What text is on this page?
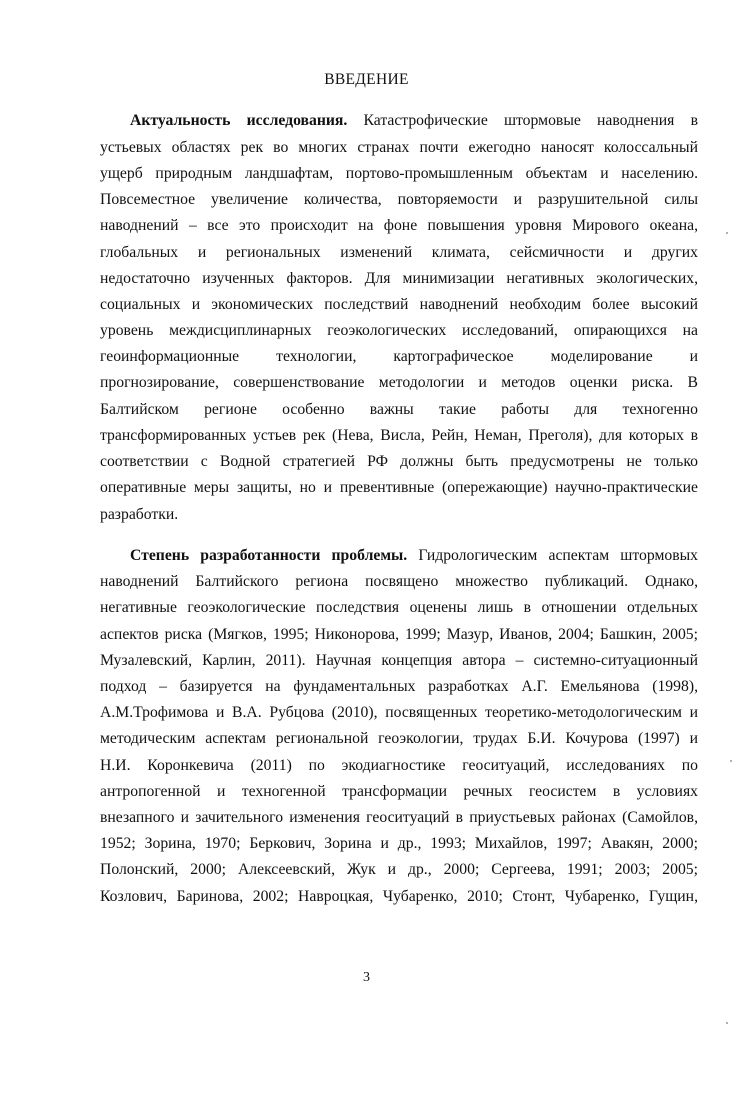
ВВЕДЕНИЕ
Актуальность исследования. Катастрофические штормовые наводнения в
устьевых областях рек во многих странах почти ежегодно наносят колоссальный
ущерб природным ландшафтам, портово-промышленным объектам и населению.
Повсеместное увеличение количества, повторяемости и разрушительной силы
наводнений – все это происходит на фоне повышения уровня Мирового океана,
глобальных и региональных изменений климата, сейсмичности и других
недостаточно изученных факторов. Для минимизации негативных экологических,
социальных и экономических последствий наводнений необходим более высокий
уровень междисциплинарных геоэкологических исследований, опирающихся на
геоинформационные технологии, картографическое моделирование и
прогнозирование, совершенствование методологии и методов оценки риска. В
Балтийском регионе особенно важны такие работы для техногенно
трансформированных устьев рек (Нева, Висла, Рейн, Неман, Преголя), для которых в
соответствии с Водной стратегией РФ должны быть предусмотрены не только
оперативные меры защиты, но и превентивные (опережающие) научно-практические
разработки.
Степень разработанности проблемы. Гидрологическим аспектам штормовых
наводнений Балтийского региона посвящено множество публикаций. Однако,
негативные геоэкологические последствия оценены лишь в отношении отдельных
аспектов риска (Мягков, 1995; Никонорова, 1999; Мазур, Иванов, 2004; Башкин, 2005;
Музалевский, Карлин, 2011). Научная концепция автора – системно-ситуационный
подход – базируется на фундаментальных разработках А.Г. Емельянова (1998),
А.М.Трофимова и В.А. Рубцова (2010), посвященных теоретико-методологическим и
методическим аспектам региональной геоэкологии, трудах Б.И. Кочурова (1997) и
Н.И. Коронкевича (2011) по экодиагностике геоситуаций, исследованиях по
антропогенной и техногенной трансформации речных геосистем в условиях
внезапного и зачительного изменения геоситуаций в приустьевых районах (Самойлов,
1952; Зорина, 1970; Беркович, Зорина и др., 1993; Михайлов, 1997; Авакян, 2000;
Полонский, 2000; Алексеевский, Жук и др., 2000; Сергеева, 1991; 2003; 2005;
Козлович, Баринова, 2002; Навроцкая, Чубаренко, 2010; Стонт, Чубаренко, Гущин,
3
